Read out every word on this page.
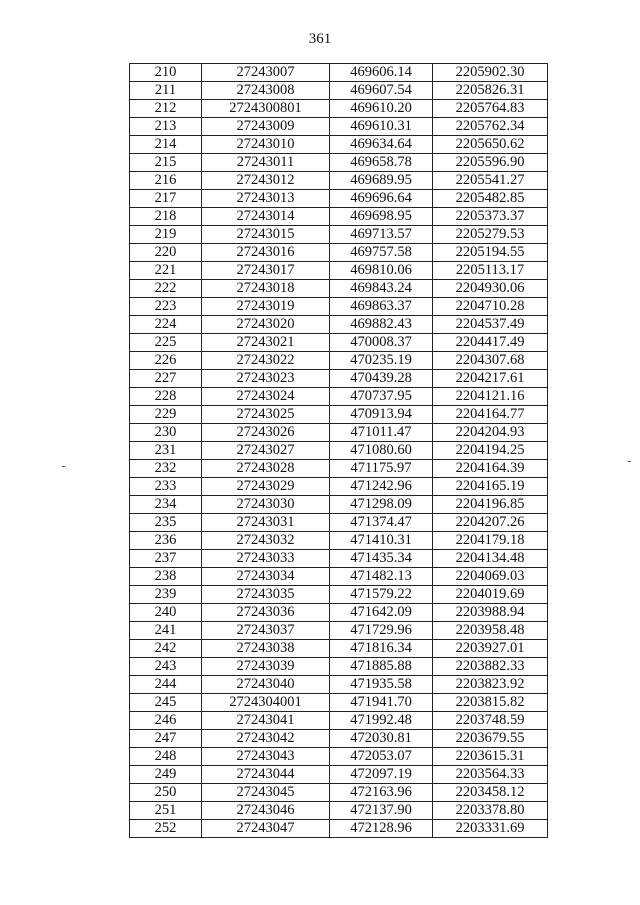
361
210	27243007	469606.14	2205902.30
211	27243008	469607.54	2205826.31
212	2724300801	469610.20	2205764.83
213	27243009	469610.31	2205762.34
214	27243010	469634.64	2205650.62
215	27243011	469658.78	2205596.90
216	27243012	469689.95	2205541.27
217	27243013	469696.64	2205482.85
218	27243014	469698.95	2205373.37
219	27243015	469713.57	2205279.53
220	27243016	469757.58	2205194.55
221	27243017	469810.06	2205113.17
222	27243018	469843.24	2204930.06
223	27243019	469863.37	2204710.28
224	27243020	469882.43	2204537.49
225	27243021	470008.37	2204417.49
226	27243022	470235.19	2204307.68
227	27243023	470439.28	2204217.61
228	27243024	470737.95	2204121.16
229	27243025	470913.94	2204164.77
230	27243026	471011.47	2204204.93
231	27243027	471080.60	2204194.25
232	27243028	471175.97	2204164.39
233	27243029	471242.96	2204165.19
234	27243030	471298.09	2204196.85
235	27243031	471374.47	2204207.26
236	27243032	471410.31	2204179.18
237	27243033	471435.34	2204134.48
238	27243034	471482.13	2204069.03
239	27243035	471579.22	2204019.69
240	27243036	471642.09	2203988.94
241	27243037	471729.96	2203958.48
242	27243038	471816.34	2203927.01
243	27243039	471885.88	2203882.33
244	27243040	471935.58	2203823.92
245	2724304001	471941.70	2203815.82
246	27243041	471992.48	2203748.59
247	27243042	472030.81	2203679.55
248	27243043	472053.07	2203615.31
249	27243044	472097.19	2203564.33
250	27243045	472163.96	2203458.12
251	27243046	472137.90	2203378.80
252	27243047	472128.96	2203331.69
